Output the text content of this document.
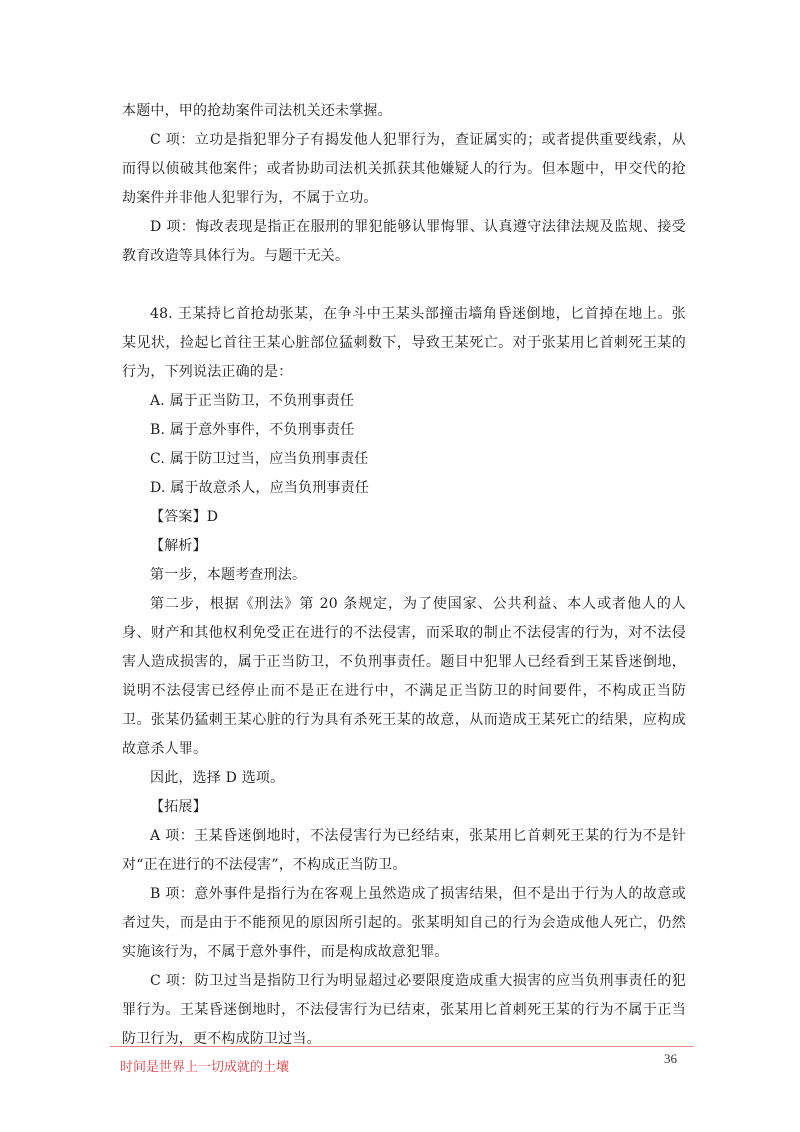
本题中，甲的抢劫案件司法机关还未掌握。

C 项：立功是指犯罪分子有揭发他人犯罪行为，查证属实的；或者提供重要线索，从而得以侦破其他案件；或者协助司法机关抓获其他嫌疑人的行为。但本题中，甲交代的抢劫案件并非他人犯罪行为，不属于立功。

D 项：悔改表现是指正在服刑的罪犯能够认罪悔罪、认真遵守法律法规及监规、接受教育改造等具体行为。与题干无关。

48. 王某持匕首抢劫张某，在争斗中王某头部撞击墙角昏迷倒地，匕首掉在地上。张某见状，捡起匕首往王某心脏部位猛刺数下，导致王某死亡。对于张某用匕首刺死王某的行为，下列说法正确的是：

A. 属于正当防卫，不负刑事责任

B. 属于意外事件，不负刑事责任

C. 属于防卫过当，应当负刑事责任

D. 属于故意杀人，应当负刑事责任

【答案】D

【解析】

第一步，本题考查刑法。

第二步，根据《刑法》第 20 条规定，为了使国家、公共利益、本人或者他人的人身、财产和其他权利免受正在进行的不法侵害，而采取的制止不法侵害的行为，对不法侵害人造成损害的，属于正当防卫，不负刑事责任。题目中犯罪人已经看到王某昏迷倒地，说明不法侵害已经停止而不是正在进行中，不满足正当防卫的时间要件，不构成正当防卫。张某仍猛刺王某心脏的行为具有杀死王某的故意，从而造成王某死亡的结果，应构成故意杀人罪。

因此，选择 D 选项。

【拓展】

A 项：王某昏迷倒地时，不法侵害行为已经结束，张某用匕首刺死王某的行为不是针对“正在进行的不法侵害”，不构成正当防卫。

B 项：意外事件是指行为在客观上虽然造成了损害结果，但不是出于行为人的故意或者过失，而是由于不能预见的原因所引起的。张某明知自己的行为会造成他人死亡，仍然实施该行为，不属于意外事件，而是构成故意犯罪。

C 项：防卫过当是指防卫行为明显超过必要限度造成重大损害的应当负刑事责任的犯罪行为。王某昏迷倒地时，不法侵害行为已结束，张某用匕首刺死王某的行为不属于正当防卫行为，更不构成防卫过当。

时间是世界上一切成就的土壤
36
